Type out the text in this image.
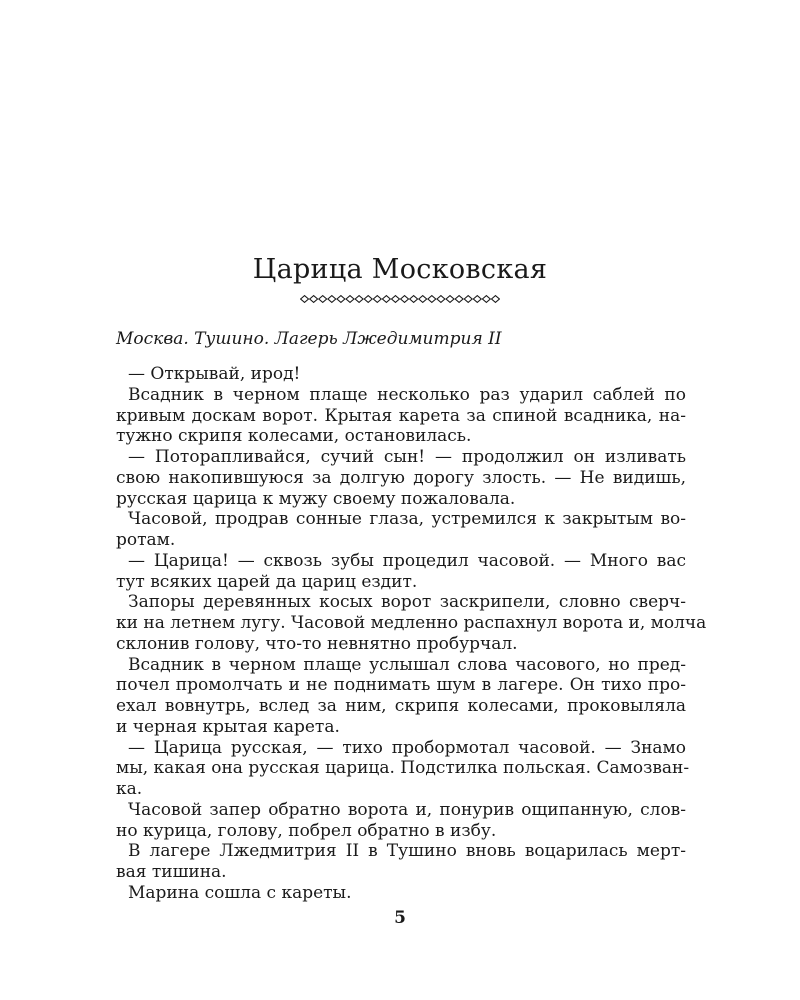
Царица Московская

Москва. Тушино. Лагерь Лжедимитрия II

— Открывай, ирод!
Всадник в черном плаще несколько раз ударил саблей по
кривым доскам ворот. Крытая карета за спиной всадника, на-
тужно скрипя колесами, остановилась.
— Поторапливайся, сучий сын! — продолжил он изливать
свою накопившуюся за долгую дорогу злость. — Не видишь,
русская царица к мужу своему пожаловала.
Часовой, продрав сонные глаза, устремился к закрытым во-
ротам.
— Царица! — сквозь зубы процедил часовой. — Много вас
тут всяких царей да цариц ездит.
Запоры деревянных косых ворот заскрипели, словно сверч-
ки на летнем лугу. Часовой медленно распахнул ворота и, молча
склонив голову, что-то невнятно пробурчал.
Всадник в черном плаще услышал слова часового, но пред-
почел промолчать и не поднимать шум в лагере. Он тихо про-
ехал вовнутрь, вслед за ним, скрипя колесами, проковыляла
и черная крытая карета.
— Царица русская, — тихо пробормотал часовой. — Знамо
мы, какая она русская царица. Подстилка польская. Самозван-
ка.
Часовой запер обратно ворота и, понурив ощипанную, слов-
но курица, голову, побрел обратно в избу.
В лагере Лжедмитрия II в Тушино вновь воцарилась мерт-
вая тишина.
Марина сошла с кареты.
5
